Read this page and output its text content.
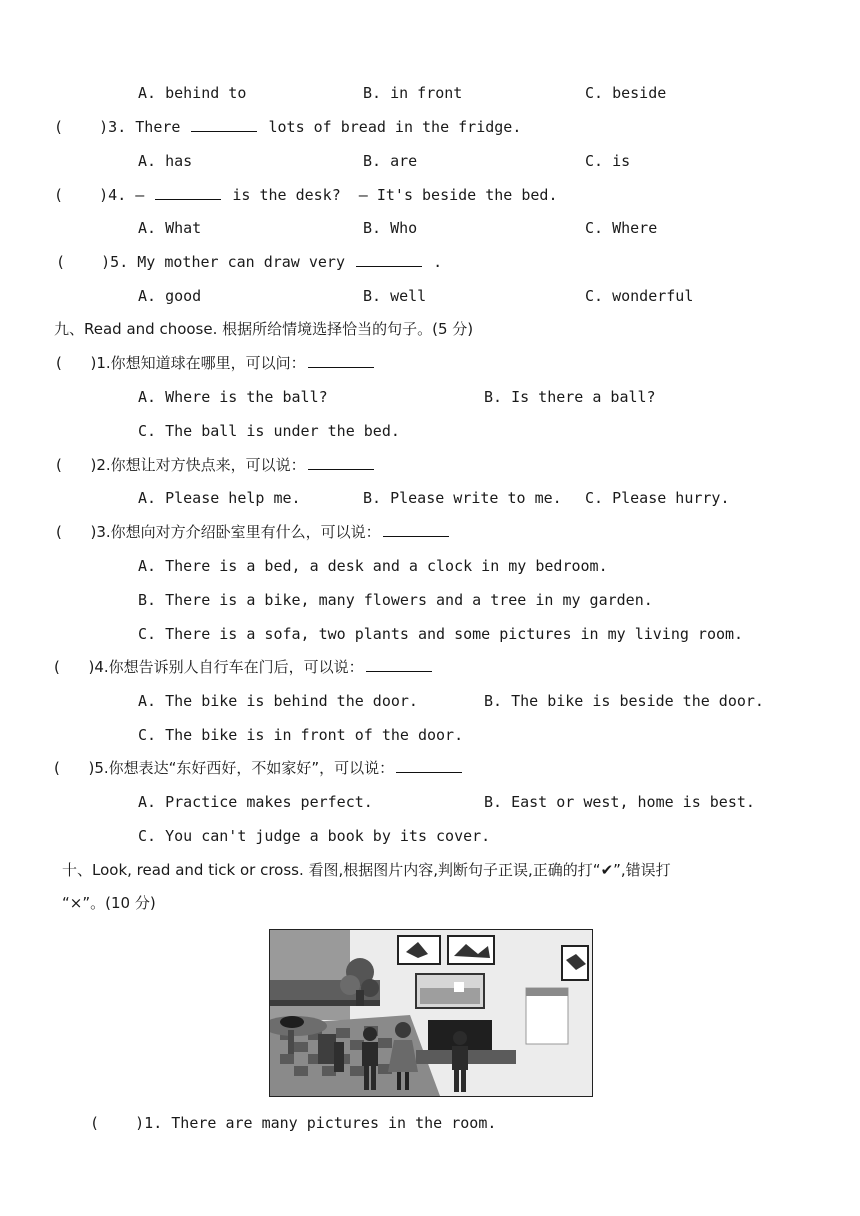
A. behind to	B. in front	C. beside
( )3. There	lots of bread in the fridge.
A. has	B. are	C. is
( )4. —	is the desk?  — It's beside the bed.
A. What	B. Who	C. Where
( )5. My mother can draw very	.
A. good	B. well	C. wonderful
九、Read and choose. 根据所给情境选择恰当的句子。(5 分)
( )1.你想知道球在哪里，可以问：
A. Where is the ball?	B. Is there a ball?
C. The ball is under the bed.
( )2.你想让对方快点来，可以说：
A. Please help me.	B. Please write to me. C. Please hurry.
( )3.你想向对方介绍卧室里有什么，可以说：
A. There is a bed, a desk and a clock in my bedroom.
B. There is a bike, many flowers and a tree in my garden.
C. There is a sofa, two plants and some pictures in my living room.
( )4.你想告诉别人自行车在门后，可以说：
A. The bike is behind the door.	B. The bike is beside the door.
C. The bike is in front of the door.
( )5.你想表达“东好西好，不如家好”，可以说：
A. Practice makes perfect.	B. East or west, home is best.
C. You can't judge a book by its cover.
十、Look, read and tick or cross. 看图,根据图片内容,判断句子正误,正确的打“✔”,错误打
“×”。(10 分)
( )1. There are many pictures in the room.
